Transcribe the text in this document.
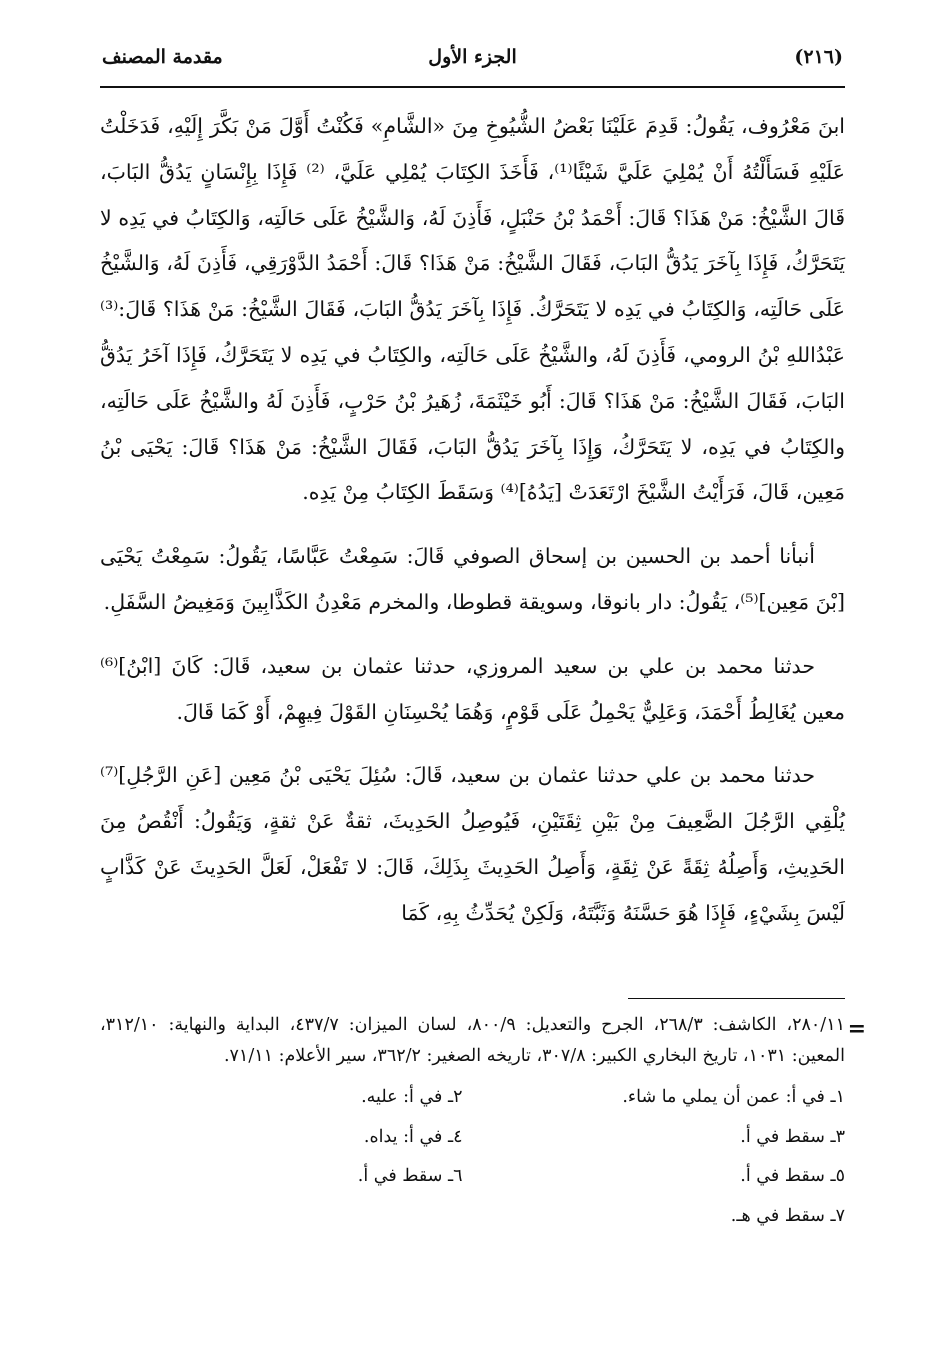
(٢١٦)
الجزء الأول
مقدمة المصنف

ابنَ مَعْرُوف، يَقُولُ: قَدِمَ عَلَيْنَا بَعْضُ الشُّيُوخِ مِنَ «الشَّامِ» فَكُنْتُ أَوَّلَ مَنْ بَكَّرَ إِلَيْهِ، فَدَخَلْتُ عَلَيْهِ فَسَأَلْتُهُ أَنْ يُمْلِيَ عَلَيَّ شَيْئًا⁽¹⁾، فَأَخَذَ الكِتَابَ يُمْلِي عَلَيَّ، ⁽²⁾ فَإِذَا بِإِنْسَانٍ يَدُقُّ البَابَ، قَالَ الشَّيْخُ: مَنْ هَذَا؟ قَالَ: أَحْمَدُ بْنُ حَنْبَلٍ، فَأَذِنَ لَهُ، وَالشَّيْخُ عَلَى حَالَتِه، وَالكِتَابُ في يَدِه لا يَتَحَرَّكُ، فَإِذَا بِآخَرَ يَدُقُّ البَابَ، فَقَالَ الشَّيْخُ: مَنْ هَذَا؟ قَالَ: أَحْمَدُ الدَّوْرَقِي، فَأَذِنَ لَهُ، وَالشَّيْخُ عَلَى حَالَتِه، وَالكِتَابُ في يَدِه لا يَتَحَرَّكُ. فَإِذَا بِآخَرَ يَدُقُّ البَابَ، فَقَالَ الشَّيْخُ: مَنْ هَذَا؟ قَالَ:⁽³⁾ عَبْدُاللهِ بْنُ الرومي، فَأَذِنَ لَهُ، والشَّيْخُ عَلَى حَالَتِه، والكِتَابُ في يَدِه لا يَتَحَرَّكُ، فَإِذَا آخَرُ يَدُقُّ البَابَ، فَقَالَ الشَّيْخُ: مَنْ هَذَا؟ قَالَ: أَبُو خَيْثَمَةَ، زُهَيرُ بْنُ حَرْبٍ، فَأَذِنَ لَهُ والشَّيْخُ عَلَى حَالَتِه، والكِتَابُ في يَدِه، لا يَتَحَرَّكُ، وَإِذَا بِآخَرَ يَدُقُّ البَابَ، فَقَالَ الشَّيْخُ: مَنْ هَذَا؟ قَالَ: يَحْيَى بْنُ مَعِين، قَالَ، فَرَأَيْتُ الشَّيْخَ ارْتَعَدَتْ [يَدُهُ]⁽⁴⁾ وَسَقَطَ الكِتَابُ مِنْ يَدِه.

أنبأنا أحمد بن الحسين بن إسحاق الصوفي قَالَ: سَمِعْتُ عَبَّاسًا، يَقُولُ: سَمِعْتُ يَحْيَى [بْنَ مَعِين]⁽⁵⁾، يَقُولُ: دار بانوقا، وسويقة قطوطا، والمخرم مَعْدِنُ الكَذَّابِينَ وَمَغِيضُ السَّفَلِ.

حدثنا محمد بن علي بن سعيد المروزي، حدثنا عثمان بن سعيد، قَالَ: كَانَ [ابْنُ]⁽⁶⁾ معين يُغَالِطُ أَحْمَدَ، وَعَلِيٌّ يَحْمِلُ عَلَى قَوْمٍ، وَهُمَا يُحْسِنَانِ القَوْلَ فِيهِمْ، أَوْ كَمَا قَالَ.

حدثنا محمد بن علي حدثنا عثمان بن سعيد، قَالَ: سُئِلَ يَحْيَى بْنُ مَعِين [عَنِ الرَّجُلِ]⁽⁷⁾ يُلْقِي الرَّجُلَ الضَّعِيفَ مِنْ بَيْنِ ثِقَتَيْنِ، فَيُوصِلُ الحَدِيثَ، ثقةٌ عَنْ ثقةٍ، وَيَقُولُ: أَنْقُصُ مِنَ الحَدِيثِ، وَأَصِلُهُ ثِقَةً عَنْ ثِقَةٍ، وَأَصِلُ الحَدِيثَ بِذَلِكَ، قَالَ: لا تَفْعَلْ، لَعَلَّ الحَدِيثَ عَنْ كَذَّابٍ لَيْسَ بِشَيْءٍ، فَإِذَا هُوَ حَسَّنَهُ وَثَبَّتَهُ، وَلَكِنْ يُحَدِّثُ بِهِ، كَمَا

=

٢٨٠/١١، الكاشف: ٢٦٨/٣، الجرح والتعديل: ٨٠٠/٩، لسان الميزان: ٤٣٧/٧، البداية والنهاية: ٣١٢/١٠، المعين: ١٠٣١، تاريخ البخاري الكبير: ٣٠٧/٨، تاريخه الصغير: ٣٦٢/٢، سير الأعلام: ٧١/١١.

١ـ في أ: عمن أن يملي ما شاء.
٢ـ في أ: عليه.
٣ـ سقط في أ.
٤ـ في أ: يداه.
٥ـ سقط في أ.
٦ـ سقط في أ.
٧ـ سقط في هـ.
